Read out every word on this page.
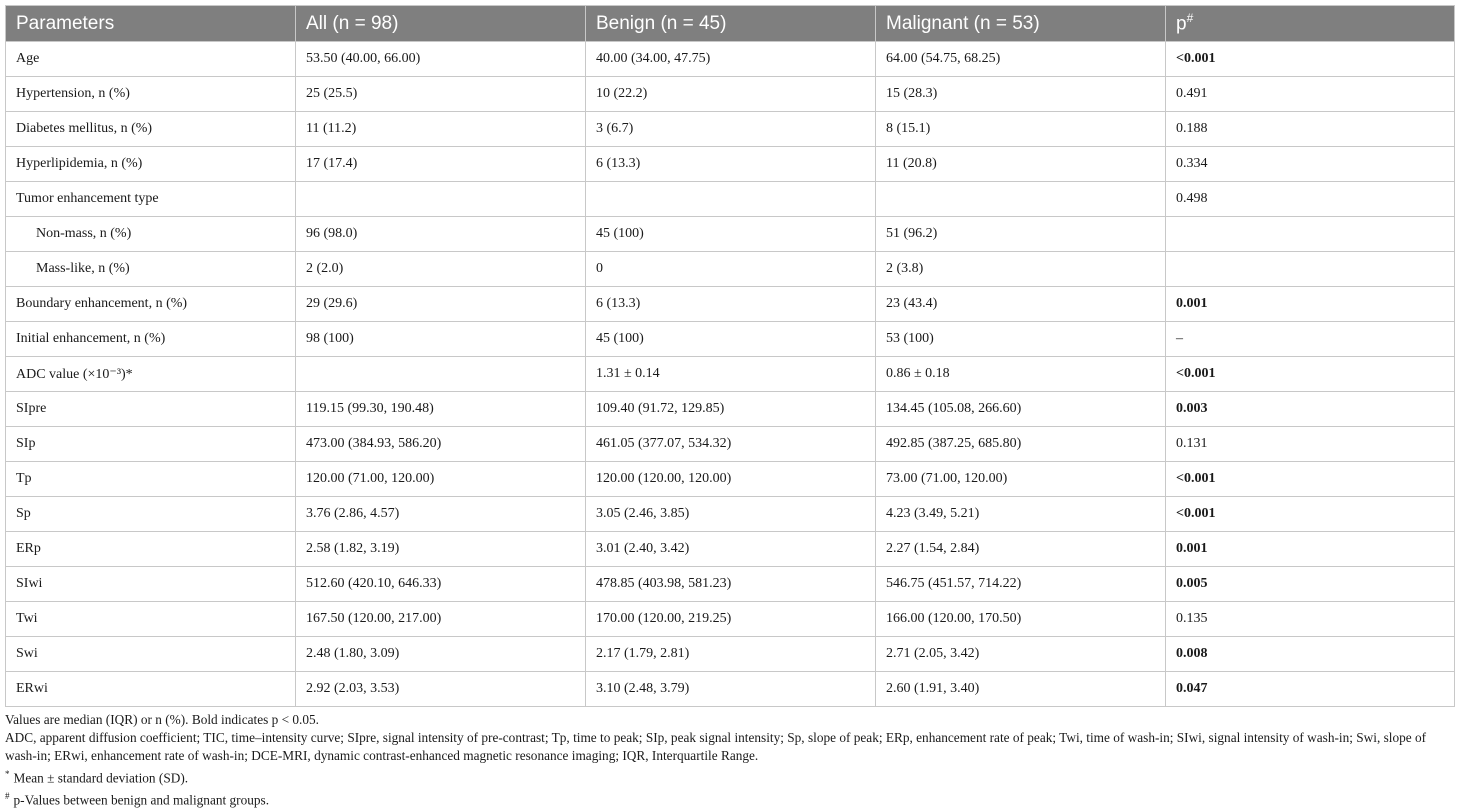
Parameters	All (n = 98)	Benign (n = 45)	Malignant (n = 53)	p#
Age	53.50 (40.00, 66.00)	40.00 (34.00, 47.75)	64.00 (54.75, 68.25)	<0.001
Hypertension, n (%)	25 (25.5)	10 (22.2)	15 (28.3)	0.491
Diabetes mellitus, n (%)	11 (11.2)	3 (6.7)	8 (15.1)	0.188
Hyperlipidemia, n (%)	17 (17.4)	6 (13.3)	11 (20.8)	0.334
Tumor enhancement type				0.498
Non-mass, n (%)	96 (98.0)	45 (100)	51 (96.2)	
Mass-like, n (%)	2 (2.0)	0	2 (3.8)	
Boundary enhancement, n (%)	29 (29.6)	6 (13.3)	23 (43.4)	0.001
Initial enhancement, n (%)	98 (100)	45 (100)	53 (100)	–
ADC value (×10⁻³)*		1.31 ± 0.14	0.86 ± 0.18	<0.001
SIpre	119.15 (99.30, 190.48)	109.40 (91.72, 129.85)	134.45 (105.08, 266.60)	0.003
SIp	473.00 (384.93, 586.20)	461.05 (377.07, 534.32)	492.85 (387.25, 685.80)	0.131
Tp	120.00 (71.00, 120.00)	120.00 (120.00, 120.00)	73.00 (71.00, 120.00)	<0.001
Sp	3.76 (2.86, 4.57)	3.05 (2.46, 3.85)	4.23 (3.49, 5.21)	<0.001
ERp	2.58 (1.82, 3.19)	3.01 (2.40, 3.42)	2.27 (1.54, 2.84)	0.001
SIwi	512.60 (420.10, 646.33)	478.85 (403.98, 581.23)	546.75 (451.57, 714.22)	0.005
Twi	167.50 (120.00, 217.00)	170.00 (120.00, 219.25)	166.00 (120.00, 170.50)	0.135
Swi	2.48 (1.80, 3.09)	2.17 (1.79, 2.81)	2.71 (2.05, 3.42)	0.008
ERwi	2.92 (2.03, 3.53)	3.10 (2.48, 3.79)	2.60 (1.91, 3.40)	0.047

Values are median (IQR) or n (%). Bold indicates p < 0.05.

ADC, apparent diffusion coefficient; TIC, time–intensity curve; SIpre, signal intensity of pre-contrast; Tp, time to peak; SIp, peak signal intensity; Sp, slope of peak; ERp, enhancement rate of peak; Twi, time of wash-in; SIwi, signal intensity of wash-in; Swi, slope of wash-in; ERwi, enhancement rate of wash-in; DCE-MRI, dynamic contrast-enhanced magnetic resonance imaging; IQR, Interquartile Range.

* Mean ± standard deviation (SD).

# p-Values between benign and malignant groups.
